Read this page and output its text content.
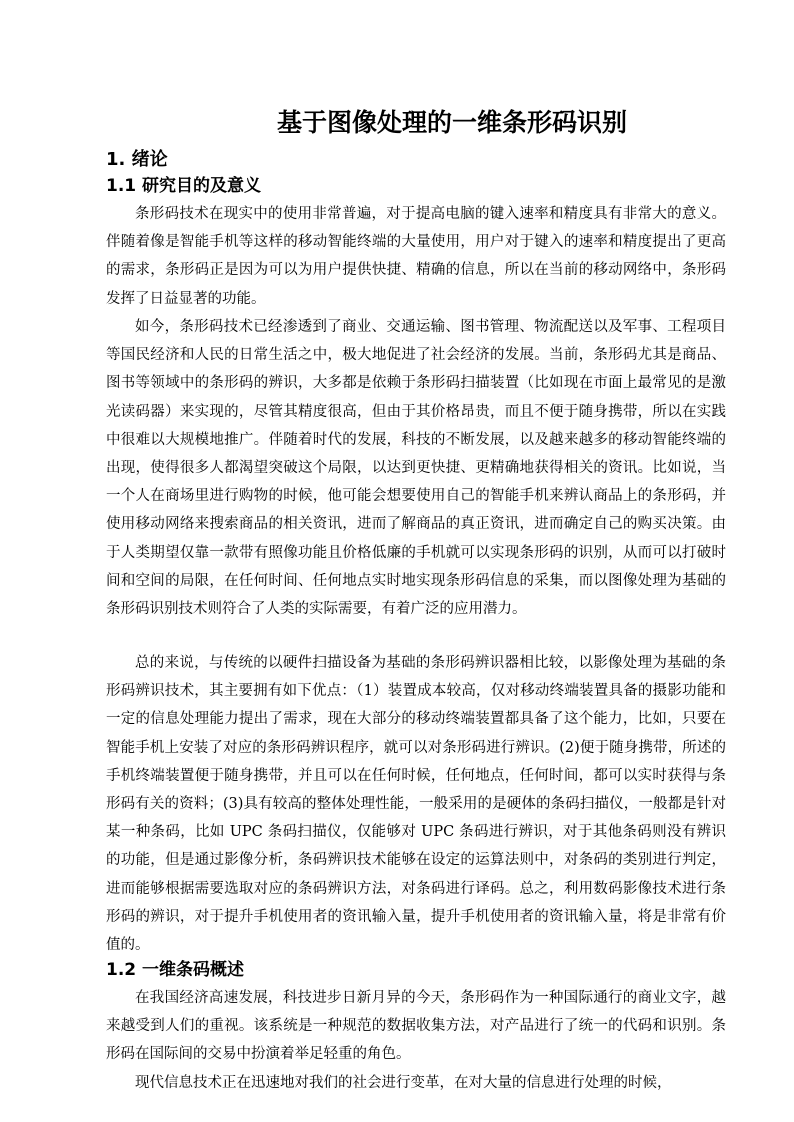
基于图像处理的一维条形码识别
1. 绪论
1.1 研究目的及意义

条形码技术在现实中的使用非常普遍，对于提高电脑的键入速率和精度具有非常大的意义。伴随着像是智能手机等这样的移动智能终端的大量使用，用户对于键入的速率和精度提出了更高的需求，条形码正是因为可以为用户提供快捷、精确的信息，所以在当前的移动网络中，条形码发挥了日益显著的功能。

如今，条形码技术已经渗透到了商业、交通运输、图书管理、物流配送以及军事、工程项目等国民经济和人民的日常生活之中，极大地促进了社会经济的发展。当前，条形码尤其是商品、图书等领域中的条形码的辨识，大多都是依赖于条形码扫描装置（比如现在市面上最常见的是激光读码器）来实现的，尽管其精度很高，但由于其价格昂贵，而且不便于随身携带，所以在实践中很难以大规模地推广。伴随着时代的发展，科技的不断发展，以及越来越多的移动智能终端的出现，使得很多人都渴望突破这个局限，以达到更快捷、更精确地获得相关的资讯。比如说，当一个人在商场里进行购物的时候，他可能会想要使用自己的智能手机来辨认商品上的条形码，并使用移动网络来搜索商品的相关资讯，进而了解商品的真正资讯，进而确定自己的购买决策。由于人类期望仅靠一款带有照像功能且价格低廉的手机就可以实现条形码的识别，从而可以打破时间和空间的局限，在任何时间、任何地点实时地实现条形码信息的采集，而以图像处理为基础的条形码识别技术则符合了人类的实际需要，有着广泛的应用潜力。

总的来说，与传统的以硬件扫描设备为基础的条形码辨识器相比较，以影像处理为基础的条形码辨识技术，其主要拥有如下优点：（1）装置成本较高，仅对移动终端装置具备的摄影功能和一定的信息处理能力提出了需求，现在大部分的移动终端装置都具备了这个能力，比如，只要在智能手机上安装了对应的条形码辨识程序，就可以对条形码进行辨识。(2)便于随身携带，所述的手机终端装置便于随身携带，并且可以在任何时候，任何地点，任何时间，都可以实时获得与条形码有关的资料；(3)具有较高的整体处理性能，一般采用的是硬体的条码扫描仪，一般都是针对某一种条码，比如 UPC 条码扫描仪，仅能够对 UPC 条码进行辨识，对于其他条码则没有辨识的功能，但是通过影像分析，条码辨识技术能够在设定的运算法则中，对条码的类别进行判定，进而能够根据需要选取对应的条码辨识方法，对条码进行译码。总之，利用数码影像技术进行条形码的辨识，对于提升手机使用者的资讯输入量，提升手机使用者的资讯输入量，将是非常有价值的。

1.2 一维条码概述

在我国经济高速发展，科技进步日新月异的今天，条形码作为一种国际通行的商业文字，越来越受到人们的重视。该系统是一种规范的数据收集方法，对产品进行了统一的代码和识别。条形码在国际间的交易中扮演着举足轻重的角色。

现代信息技术正在迅速地对我们的社会进行变革，在对大量的信息进行处理的时候，
